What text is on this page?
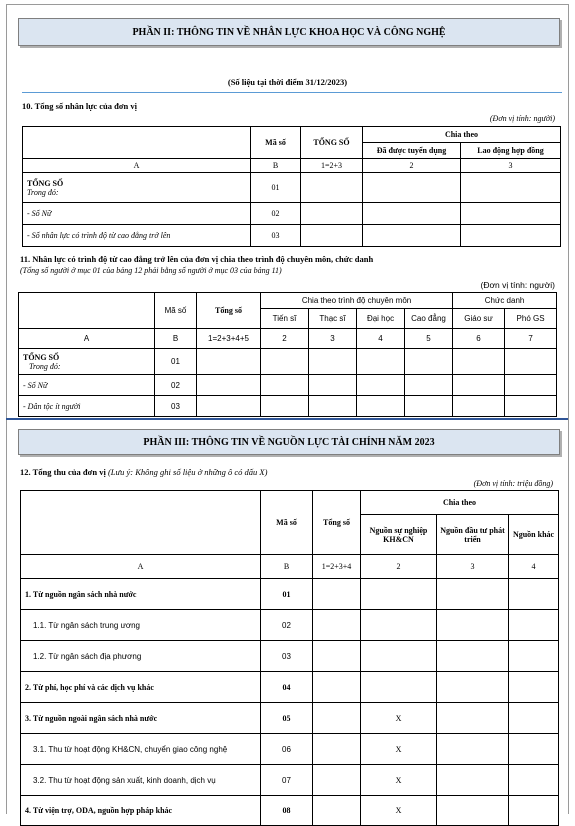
PHẦN II: THÔNG TIN VỀ NHÂN LỰC KHOA HỌC VÀ CÔNG NGHỆ
(Số liệu tại thời điểm 31/12/2023)
10. Tổng số nhân lực của đơn vị
(Đơn vị tính: người)
	Mã số	TỔNG SỐ	Chia theo	
			Đã được tuyển dụng	Lao động hợp đồng
A	B	1=2+3	2	3

TỔNG SỐ
Trong đó:	01			
- Số Nữ	02			
- Số nhân lực có trình độ từ cao đẳng trở lên	03			
11. Nhân lực có trình độ từ cao đẳng trở lên của đơn vị chia theo trình độ chuyên môn, chức danh
(Tổng số người ở mục 01 của bảng 12 phải bằng số người ở mục 03 của bảng 11)
(Đơn vị tính: người)
	Mã số	Tổng số	Chia theo trình độ chuyên môn				Chức danh	
			Tiến sĩ	Thạc sĩ	Đại học	Cao đẳng	Giáo sư	Phó GS
A	B	1=2+3+4+5	2	3	4	5	6	7

TỔNG SỐ
Trong đó:	01							
- Số Nữ	02							
- Dân tộc ít người	03							
PHẦN III: THÔNG TIN VỀ NGUỒN LỰC TÀI CHÍNH NĂM 2023
12. Tổng thu của đơn vị (Lưu ý: Không ghi số liệu ở những ô có dấu X)
(Đơn vị tính: triệu đồng)
	Mã số	Tổng số	Chia theo		
			Nguồn sự nghiệp KH&CN	Nguồn đầu tư phát triển	Nguồn khác
A	B	1=2+3+4	2	3	4
1. Từ nguồn ngân sách nhà nước	01				
1.1. Từ ngân sách trung ương	02				
1.2. Từ ngân sách địa phương	03				
2. Từ phí, học phí và các dịch vụ khác	04				
3. Từ nguồn ngoài ngân sách nhà nước	05		X		
3.1. Thu từ hoạt động KH&CN, chuyển giao công nghệ	06		X		
3.2. Thu từ hoạt động sản xuất, kinh doanh, dịch vụ	07		X		
4. Từ viện trợ, ODA, nguồn hợp pháp khác	08		X		
